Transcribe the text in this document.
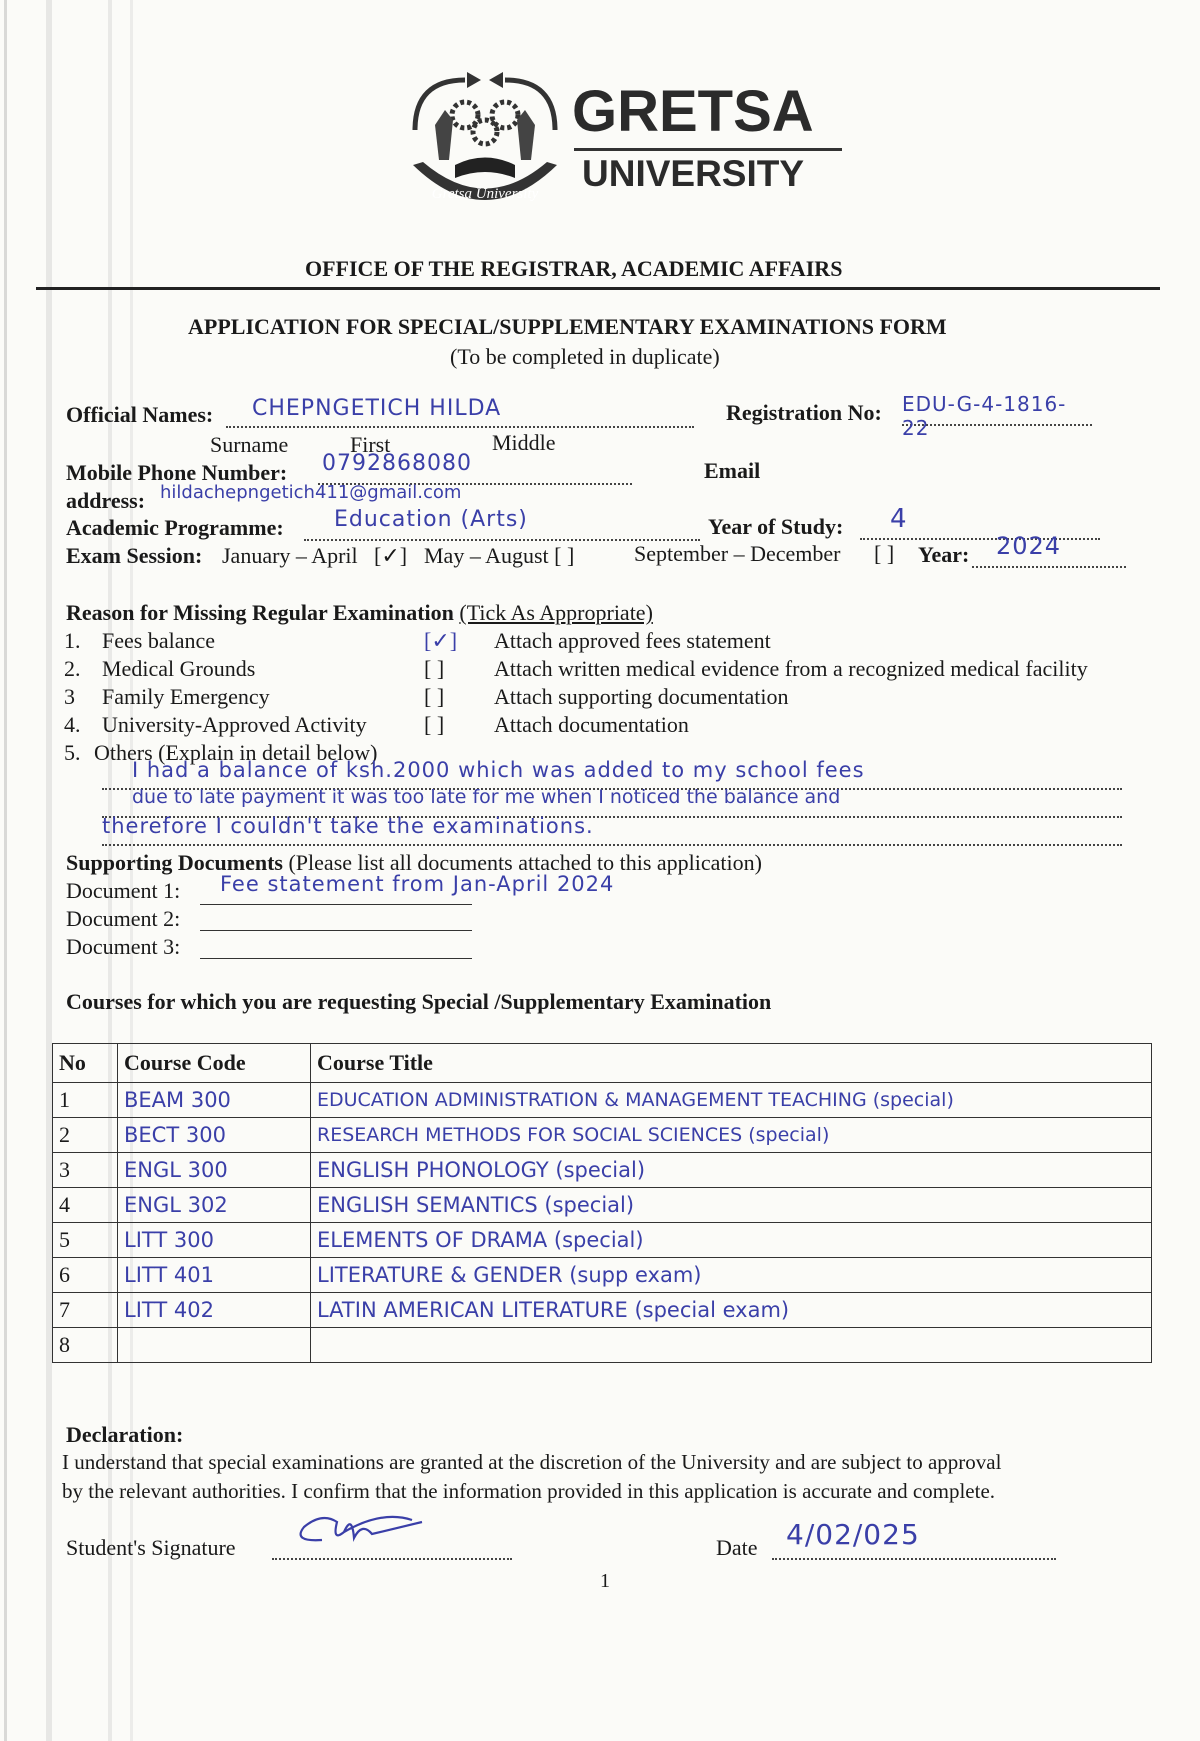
Gretsa University
GRETSA
UNIVERSITY
OFFICE OF THE REGISTRAR, ACADEMIC AFFAIRS
APPLICATION FOR SPECIAL/SUPPLEMENTARY EXAMINATIONS FORM
(To be completed in duplicate)
Official Names: CHEPNGETICH HILDA	Registration No: EDU-G-4-1816-22
Surname	First	Middle
Mobile Phone Number: 0792868080	Email
address: hildachepngetich411@gmail.com
Academic Programme: Education (Arts)	Year of Study: 4
Exam Session: January – April [✓] May – August [ ]	September – December [ ] Year: 2024
Reason for Missing Regular Examination (Tick As Appropriate)
1. Fees balance	[✓] Attach approved fees statement
2. Medical Grounds	[ ] Attach written medical evidence from a recognized medical facility
3 Family Emergency	[ ] Attach supporting documentation
4. University-Approved Activity	[ ] Attach documentation
5. Others (Explain in detail below)
I had a balance of ksh.2000 which was added to my school fees
due to late payment it was too late for me when I noticed the balance and
therefore I couldn't take the examinations.
Supporting Documents (Please list all documents attached to this application)
Document 1: Fee statement from Jan-April 2024
Document 2:
Document 3:
Courses for which you are requesting Special /Supplementary Examination
No	Course Code	Course Title
1	BEAM 300	EDUCATION ADMINISTRATION & MANAGEMENT TEACHING (special)
2	BECT 300	RESEARCH METHODS FOR SOCIAL SCIENCES (special)
3	ENGL 300	ENGLISH PHONOLOGY (special)
4	ENGL 302	ENGLISH SEMANTICS (special)
5	LITT 300	ELEMENTS OF DRAMA (special)
6	LITT 401	LITERATURE & GENDER (supp exam)
7	LITT 402	LATIN AMERICAN LITERATURE (special exam)
8		
Declaration:
I understand that special examinations are granted at the discretion of the University and are subject to approval
by the relevant authorities. I confirm that the information provided in this application is accurate and complete.
Student's Signature	Date 4/02/025
1
